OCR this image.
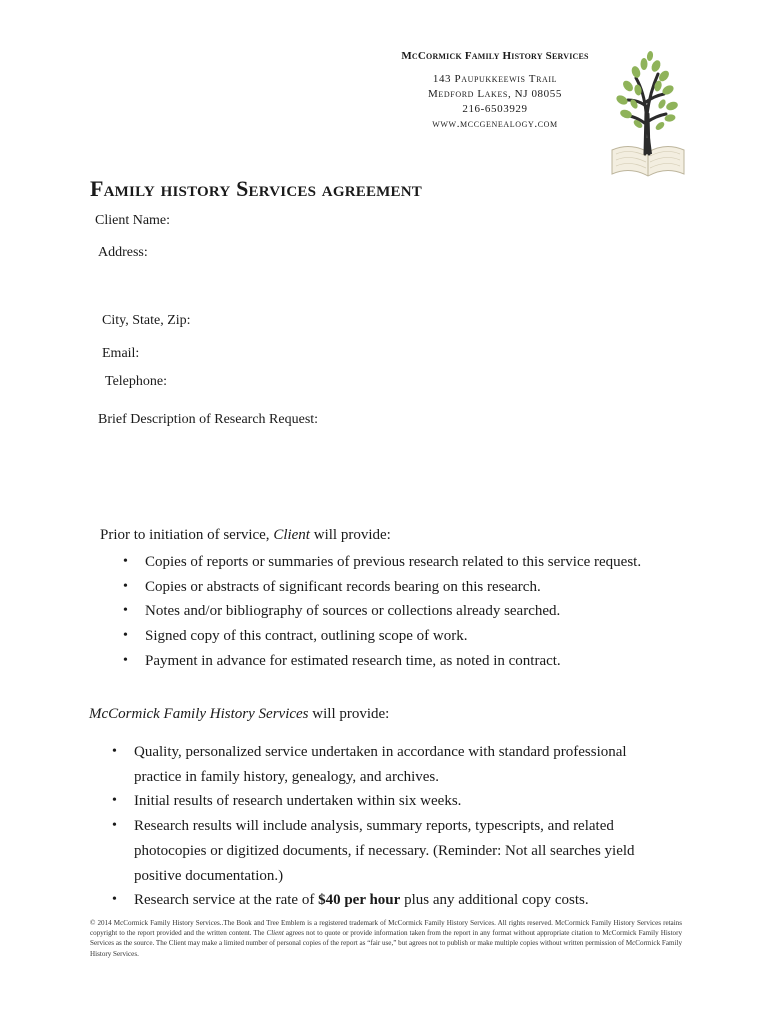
McCormick Family History Services
143 Paupukkeewis Trail
Medford Lakes, NJ 08055
216-6503929
www.mccgenealogy.com
Family history Services agreement
Client Name:
Address:
City, State, Zip:
Email:
Telephone:
Brief Description of Research Request:
Prior to initiation of service, Client will provide:
• Copies of reports or summaries of previous research related to this service request.
• Copies or abstracts of significant records bearing on this research.
• Notes and/or bibliography of sources or collections already searched.
• Signed copy of this contract, outlining scope of work.
• Payment in advance for estimated research time, as noted in contract.
McCormick Family History Services will provide:
• Quality, personalized service undertaken in accordance with standard professional practice in family history, genealogy, and archives.
• Initial results of research undertaken within six weeks.
• Research results will include analysis, summary reports, typescripts, and related photocopies or digitized documents, if necessary. (Reminder: Not all searches yield positive documentation.)
• Research service at the rate of $40 per hour plus any additional copy costs.
© 2014 McCormick Family History Services..The Book and Tree Emblem is a registered trademark of McCormick Family History Services. All rights reserved. McCormick Family History Services retains copyright to the report provided and the written content. The Client agrees not to quote or provide information taken from the report in any format without appropriate citation to McCormick Family History Services as the source. The Client may make a limited number of personal copies of the report as “fair use,” but agrees not to publish or make multiple copies without written permission of McCormick Family History Services.
